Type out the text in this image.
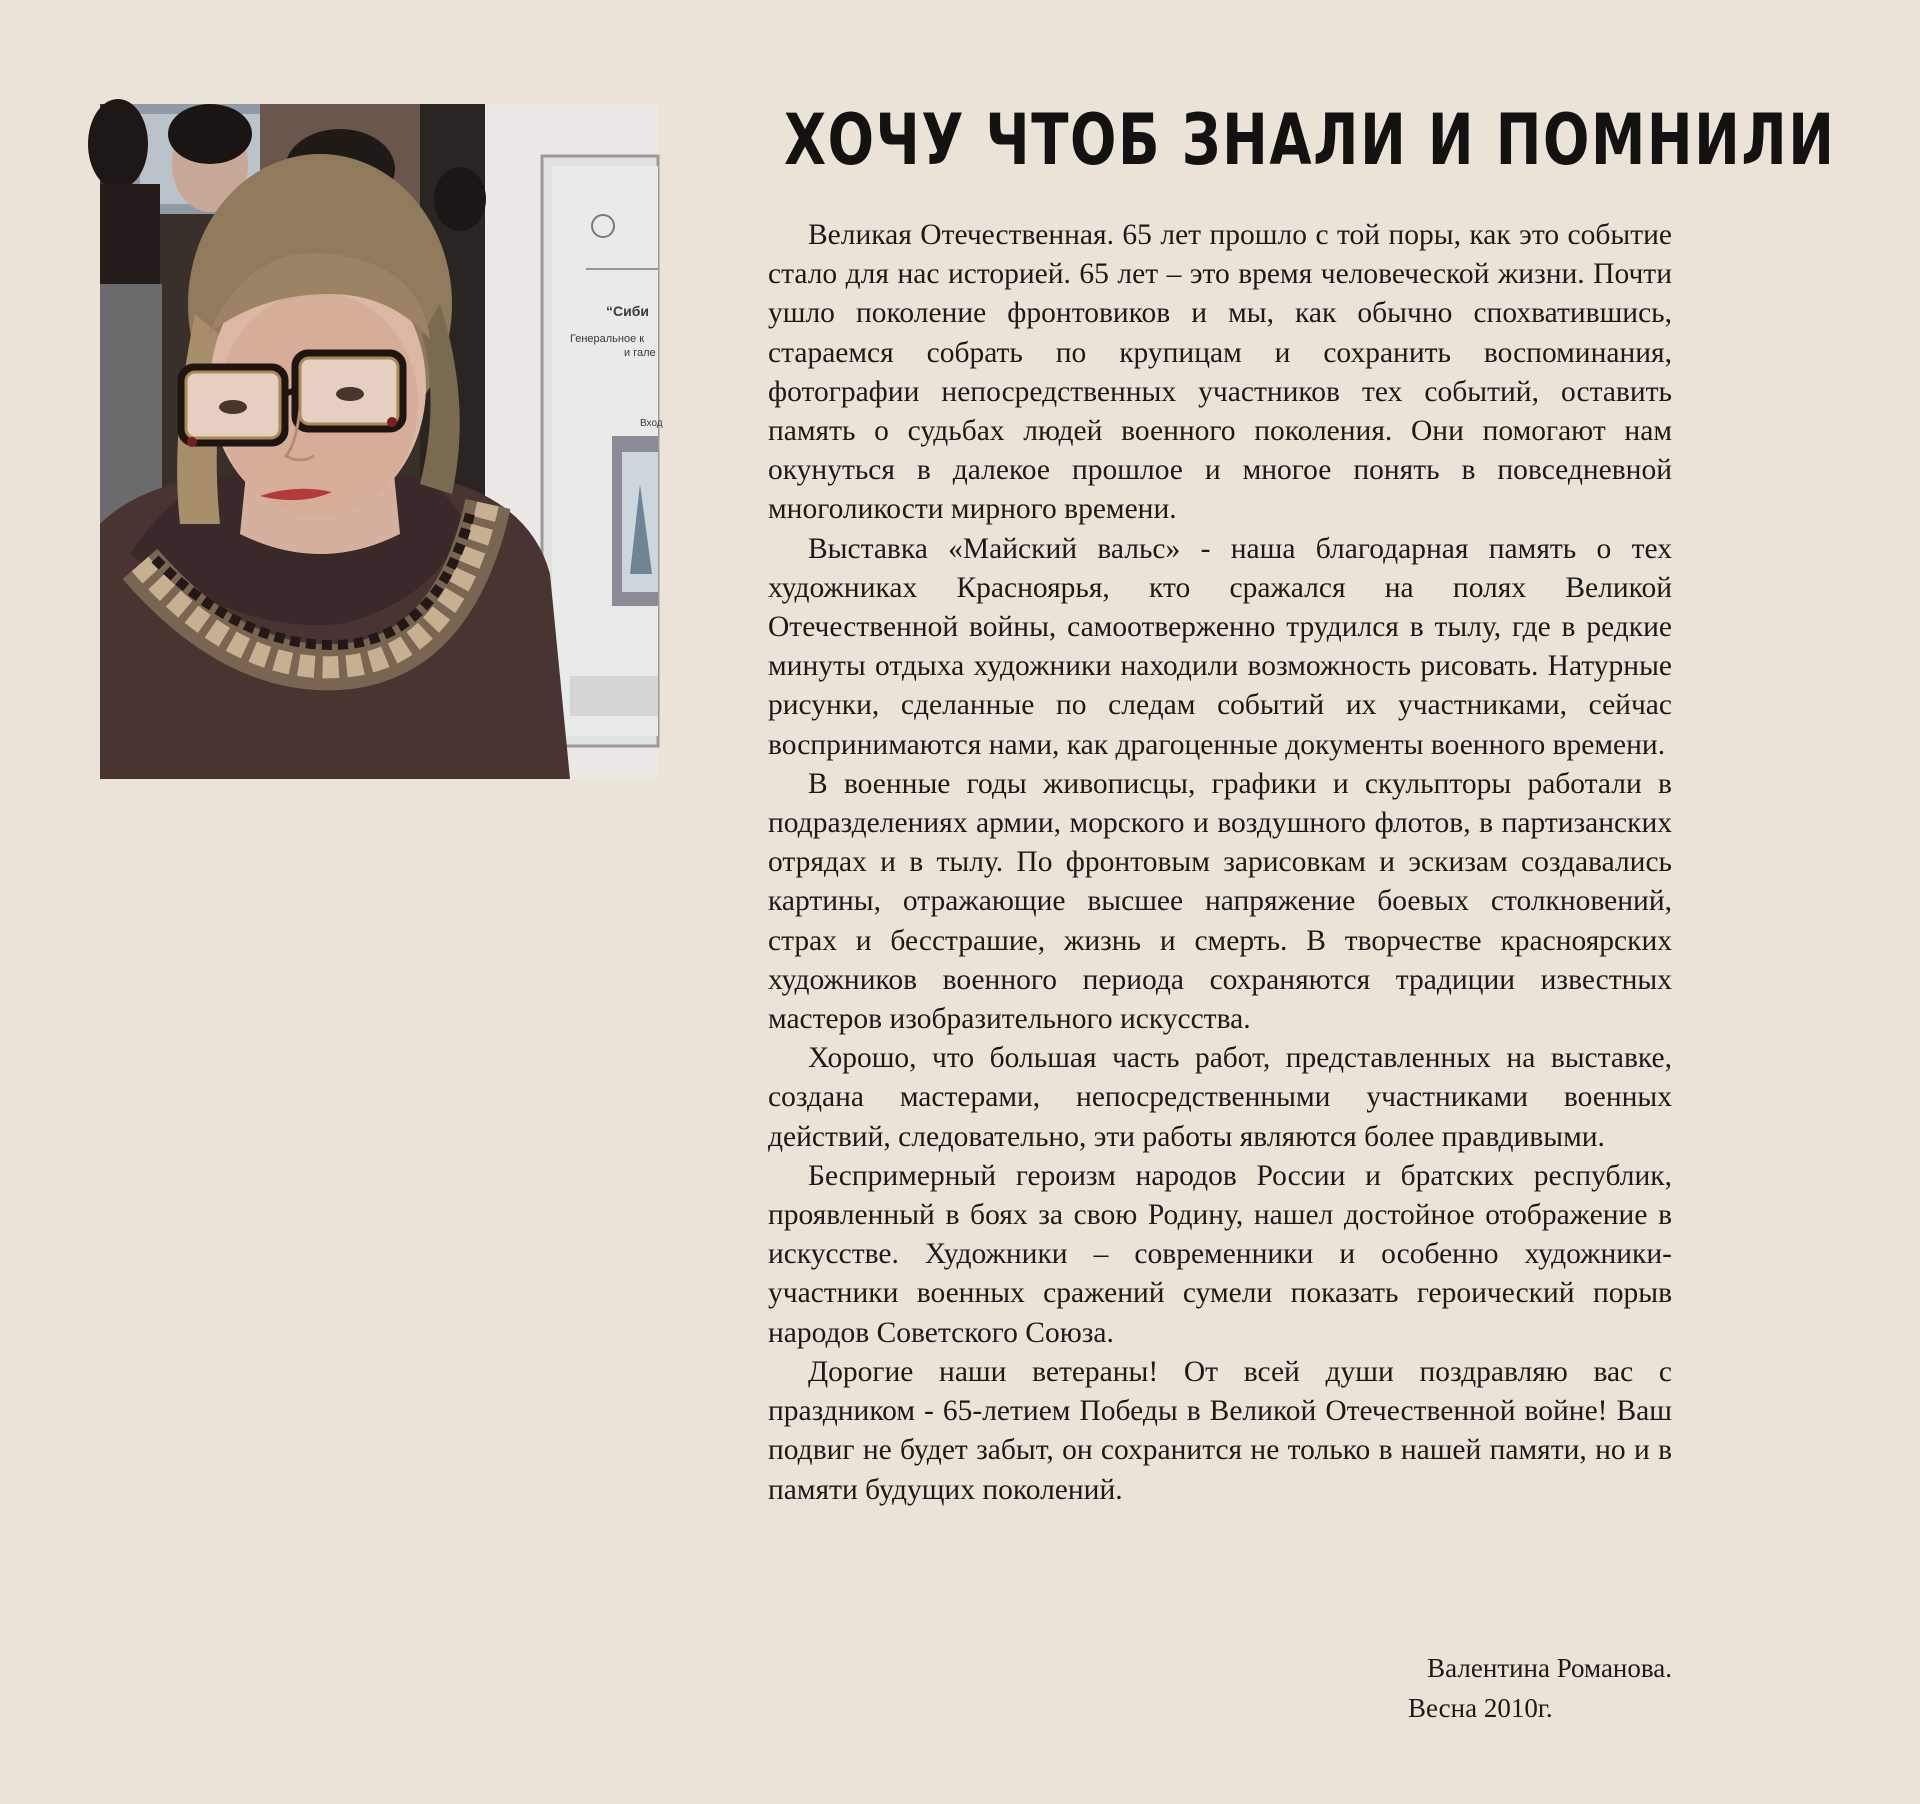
“Сиби
Генеральное к
и гале
Вход
ХОЧУ ЧТОБ ЗНАЛИ И ПОМНИЛИ

Великая Отечественная. 65 лет прошло с той поры, как это событие стало для нас историей. 65 лет – это время человеческой жизни. Почти ушло поколение фронтовиков и мы, как обычно спохватившись, стараемся собрать по крупицам и сохранить воспоминания, фотографии непосредственных участников тех событий, оставить память о судьбах людей военного поколения. Они помогают нам окунуться в далекое прошлое и многое понять в повседневной многоликости мирного времени.

Выставка «Майский вальс» - наша благодарная память о тех художниках Красноярья, кто сражался на полях Великой Отечественной войны, самоотверженно трудился в тылу, где в редкие минуты отдыха художники находили возможность рисовать. Натурные рисунки, сделанные по следам событий их участниками, сейчас воспринимаются нами, как драгоценные документы военного времени.

В военные годы живописцы, графики и скульпторы работали в подразделениях армии, морского и воздушного флотов, в партизанских отрядах и в тылу. По фронтовым зарисовкам и эскизам создавались картины, отражающие высшее напряжение боевых столкновений, страх и бесстрашие, жизнь и смерть. В творчестве красноярских художников военного периода сохраняются традиции известных мастеров изобразительного искусства.

Хорошо, что большая часть работ, представленных на выставке, создана мастерами, непосредственными участниками военных действий, следовательно, эти работы являются более правдивыми.

Беспримерный героизм народов России и братских республик, проявленный в боях за свою Родину, нашел достойное отображение в искусстве. Художники – современники и особенно художники-участники военных сражений сумели показать героический порыв народов Советского Союза.

Дорогие наши ветераны! От всей души поздравляю вас с праздником - 65-летием Победы в Великой Отечественной войне! Ваш подвиг не будет забыт, он сохранится не только в нашей памяти, но и в памяти будущих поколений.

Валентина Романова.
Весна 2010г.
